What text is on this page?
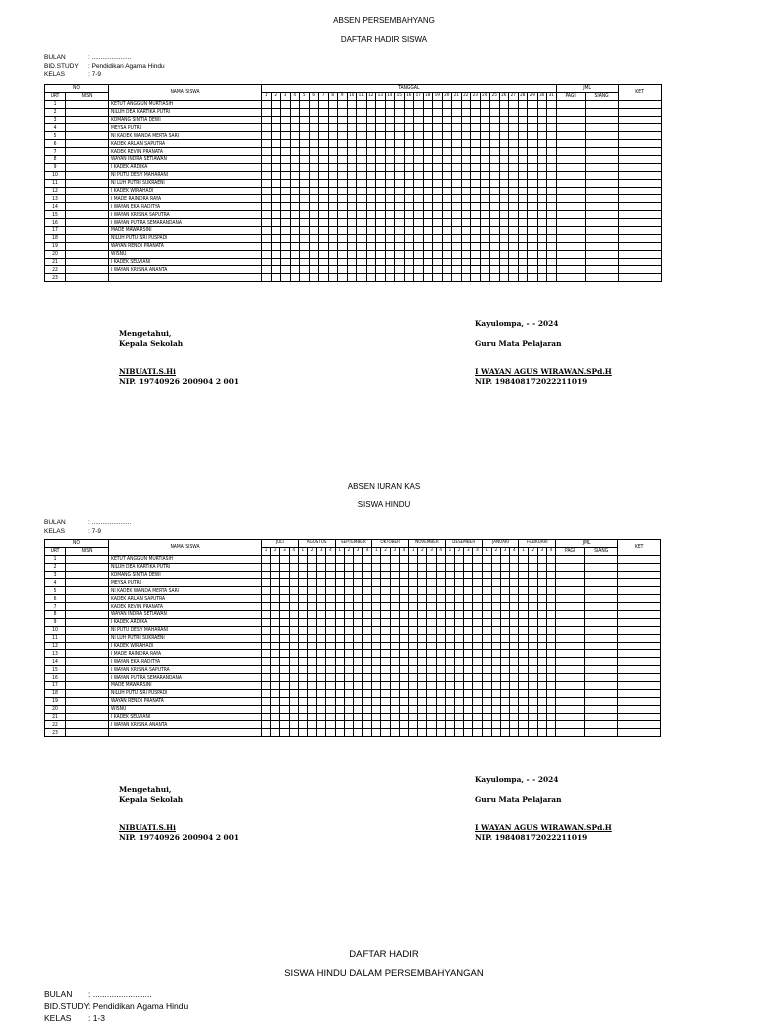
ABSEN PERSEMBAHYANG
DAFTAR HADIR SISWA
BULAN	: ......................
BID.STUDY : Pendidikan Agama Hindu
KELAS	: 7-9
NO		NAMA SISWA	TANGGAL																															JML		KET
URT	NISN		1	2	3	4	5	6	7	8	9	10	11	12	13	14	15	16	17	18	19	20	21	22	23	24	25	26	27	28	29	30	31	PAGI	SIANG	
1		KETUT ANGGUN MURTIASIH																																		
2		NILUH DEA KARTIKA PUTRI																																		
3		KOMANG SINTIA DEWI																																		
4		MEYSA PUTRI																																		
5		NI KADEK WANDA MERTA SARI																																		
6		KADEK ARLAN SAPUTRA																																		
7		KADEK REVIN PRANATA																																		
8		WAYAN INDRA SETIAWAN																																		
9		I KADEK ARDIKA																																		
10		NI PUTU DESY MAHARANI																																		
11		NI LUH PUTRI SUKRAENI																																		
12		I KADEK WIRAHADI																																		
13		I MADE RAINDRA RAYA																																		
14		I WAYAN EKA RADITYA																																		
15		I WAYAN KRISNA SAPUTRA																																		
16		I WAYAN PUTRA SEMARANDANA																																		
17		MADE MAWARSINI																																		
18		NILUH PUTU SRI PUSPADI																																		
19		WAYAN RENDI PRANATA																																		
20		WISNU																																		
21		I KADEK SELVIANI																																		
22		I WAYAN KRISNA ANANTA																																		
23																																				
Kayulompa, - - 2024
Mengetahui,
Kepala Sekolah	Guru Mata Pelajaran
NIBUATI.S.Hi
NIP. 19740926 200904 2 001
I WAYAN AGUS WIRAWAN.SPd.H
NIP. 198408172022211019
ABSEN IURAN KAS
SISWA HINDU
BULAN	: ......................
KELAS	: 7-9
NO		NAMA SISWA	JULI				AGUSTUS				SEPTEMBER				OKTOBER				NOVEMBER				DESEMBER				JANUARI				FEBRUARI				JML		KET
URT	NISN		1	2	3	4	1	2	3	4	1	2	3	4	1	2	3	4	1	2	3	4	1	2	3	4	1	2	3	4	1	2	3	4	PAGI	SIANG	
1		KETUT ANGGUN MURTIASIH																																			
2		NILUH DEA KARTIKA PUTRI																																			
3		KOMANG SINTIA DEWI																																			
4		MEYSA PUTRI																																			
5		NI KADEK WANDA MERTA SARI																																			
6		KADEK ARLAN SAPUTRA																																			
7		KADEK REVIN PRANATA																																			
8		WAYAN INDRA SETIAWAN																																			
9		I KADEK ARDIKA																																			
10		NI PUTU DESY MAHARANI																																			
11		NI LUH PUTRI SUKRAENI																																			
12		I KADEK WIRAHADI																																			
13		I MADE RAINDRA RAYA																																			
14		I WAYAN EKA RADITYA																																			
15		I WAYAN KRISNA SAPUTRA																																			
16		I WAYAN PUTRA SEMARANDANA																																			
17		MADE MAWARSINI																																			
18		NILUH PUTU SRI PUSPADI																																			
19		WAYAN RENDI PRANATA																																			
20		WISNU																																			
21		I KADEK SELVIANI																																			
22		I WAYAN KRISNA ANANTA																																			
23																																					
Kayulompa, - - 2024
Mengetahui,
Kepala Sekolah	Guru Mata Pelajaran
NIBUATI.S.Hi
NIP. 19740926 200904 2 001
I WAYAN AGUS WIRAWAN.SPd.H
NIP. 198408172022211019
DAFTAR HADIR
SISWA HINDU DALAM PERSEMBAHYANGAN
BULAN : .........................
BID.STUDY: Pendidikan Agama Hindu
KELAS : 1-3
